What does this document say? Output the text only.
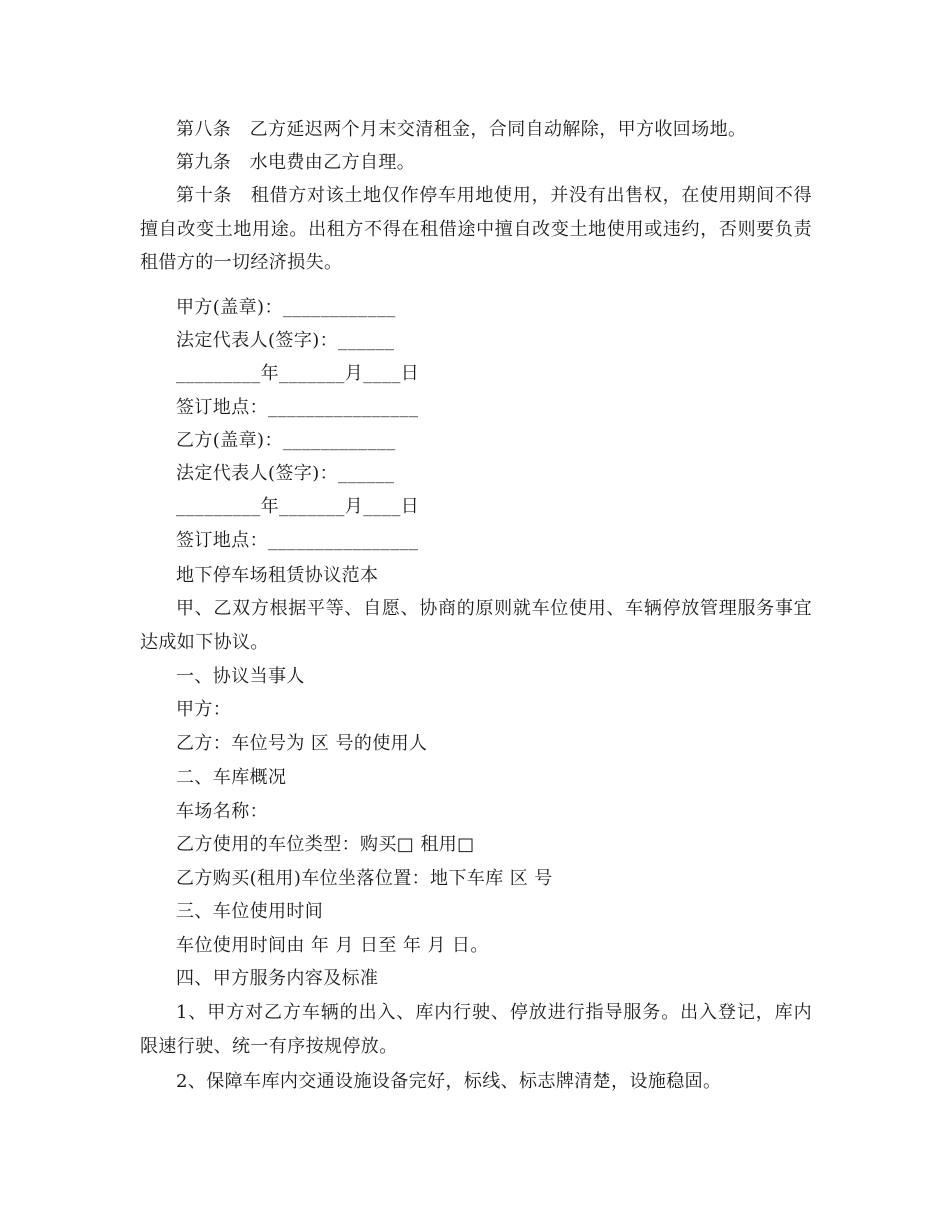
第八条　乙方延迟两个月末交清租金，合同自动解除，甲方收回场地。
第九条　水电费由乙方自理。
第十条　租借方对该土地仅作停车用地使用，并没有出售权，在使用期间不得
擅自改变土地用途。出租方不得在租借途中擅自改变土地使用或违约，否则要负责
租借方的一切经济损失。
甲方(盖章)：____________
法定代表人(签字)：______
_________年_______月____日
签订地点：________________
乙方(盖章)：____________
法定代表人(签字)：______
_________年_______月____日
签订地点：________________
地下停车场租赁协议范本
甲、乙双方根据平等、自愿、协商的原则就车位使用、车辆停放管理服务事宜
达成如下协议。
一、协议当事人
甲方：
乙方：车位号为 区 号的使用人
二、车库概况
车场名称：
乙方使用的车位类型：购买□ 租用□
乙方购买(租用)车位坐落位置：地下车库 区 号
三、车位使用时间
车位使用时间由 年 月 日至 年 月 日。
四、甲方服务内容及标准
1、甲方对乙方车辆的出入、库内行驶、停放进行指导服务。出入登记，库内
限速行驶、统一有序按规停放。
2、保障车库内交通设施设备完好，标线、标志牌清楚，设施稳固。
